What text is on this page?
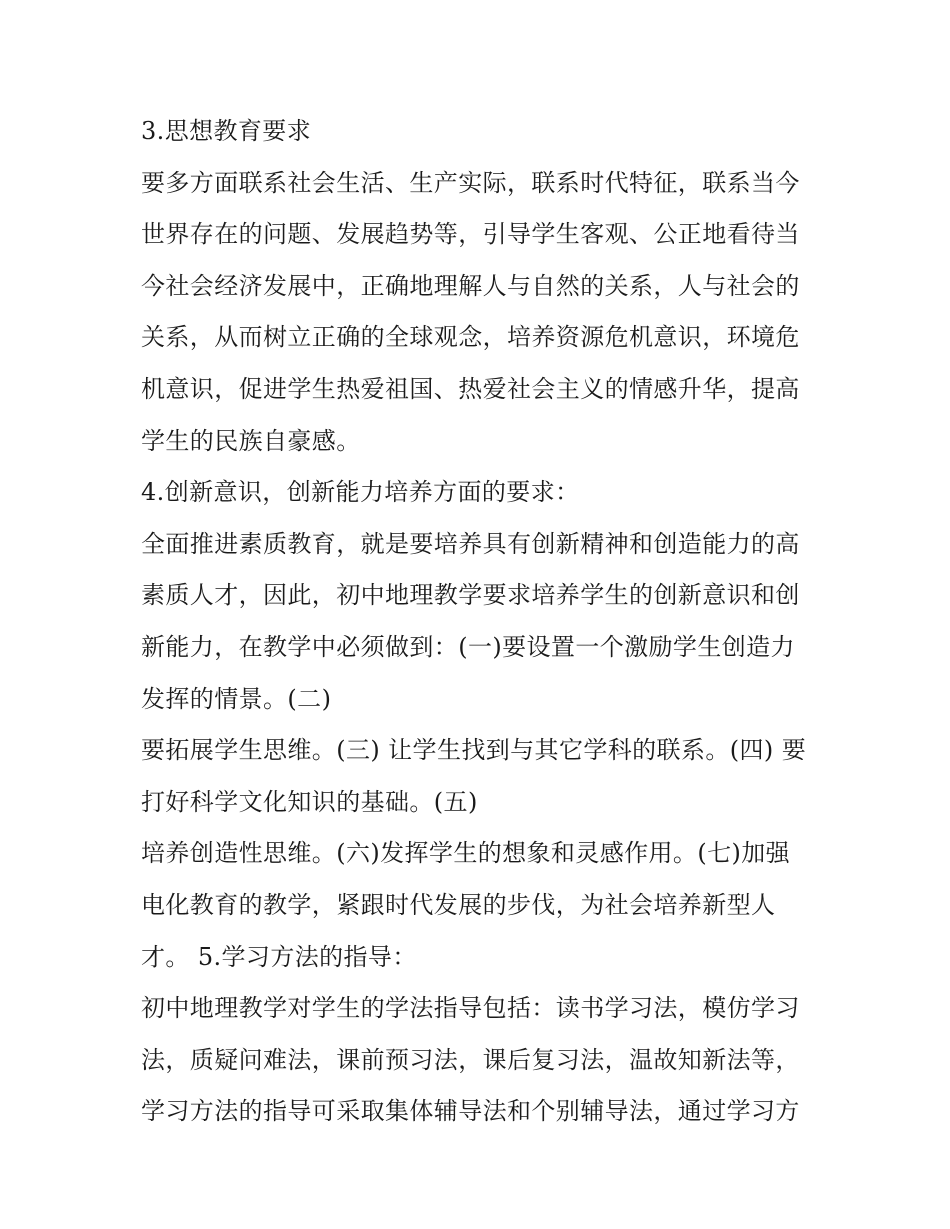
3.思想教育要求
要多方面联系社会生活、生产实际，联系时代特征，联系当今
世界存在的问题、发展趋势等，引导学生客观、公正地看待当
今社会经济发展中，正确地理解人与自然的关系，人与社会的
关系，从而树立正确的全球观念，培养资源危机意识，环境危
机意识，促进学生热爱祖国、热爱社会主义的情感升华，提高
学生的民族自豪感。
4.创新意识，创新能力培养方面的要求：
全面推进素质教育，就是要培养具有创新精神和创造能力的高
素质人才，因此，初中地理教学要求培养学生的创新意识和创
新能力，在教学中必须做到：(一)要设置一个激励学生创造力
发挥的情景。(二)
要拓展学生思维。(三) 让学生找到与其它学科的联系。(四) 要
打好科学文化知识的基础。(五)
培养创造性思维。(六)发挥学生的想象和灵感作用。(七)加强
电化教育的教学，紧跟时代发展的步伐，为社会培养新型人
才。 5.学习方法的指导：
初中地理教学对学生的学法指导包括：读书学习法，模仿学习
法，质疑问难法，课前预习法，课后复习法，温故知新法等，
学习方法的指导可采取集体辅导法和个别辅导法，通过学习方
